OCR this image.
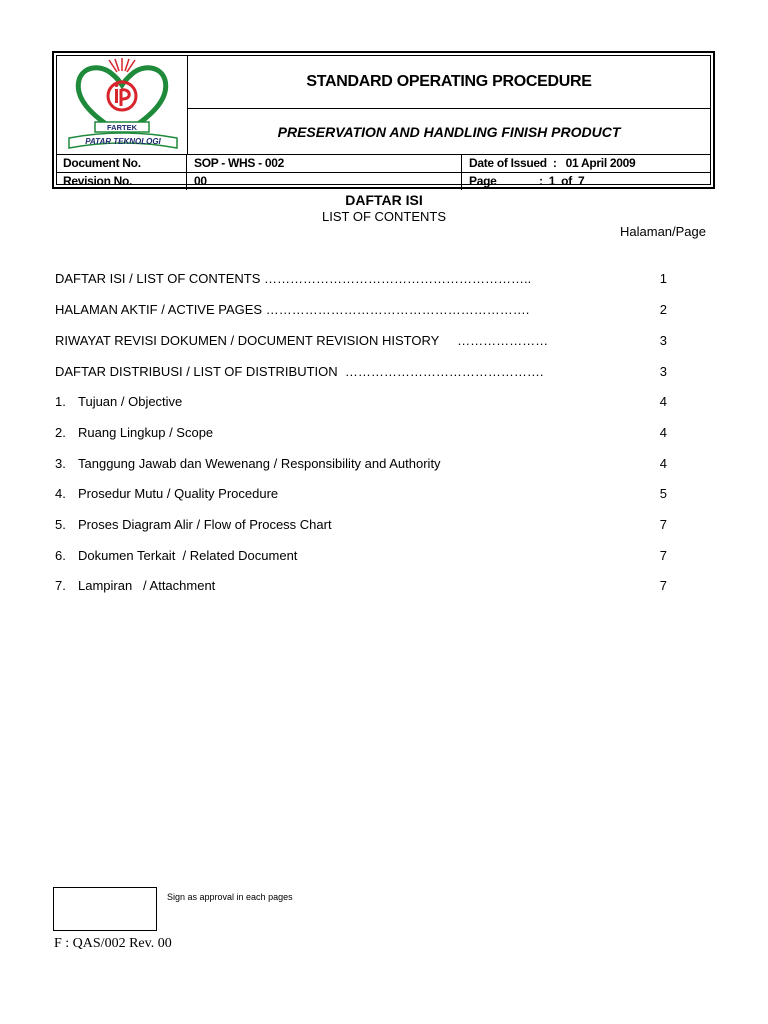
FARTEK
PATAR TEKNOLOGI
STANDARD OPERATING PROCEDURE
PRESERVATION AND HANDLING FINISH PRODUCT
Document No.	SOP - WHS - 002	Date of Issued  :   01 April 2009
Revision No.	00	Page              :  1  of  7
DAFTAR ISI
LIST OF CONTENTS
Halaman/Page
DAFTAR ISI / LIST OF CONTENTS ……………………………………………………..	1
HALAMAN AKTIF / ACTIVE PAGES …………………………………………………….	2
RIWAYAT REVISI DOKUMEN / DOCUMENT REVISION HISTORY     …………………	3
DAFTAR DISTRIBUSI / LIST OF DISTRIBUTION  ……………………………………….	3
1. Tujuan / Objective	4
2. Ruang Lingkup / Scope	4
3. Tanggung Jawab dan Wewenang / Responsibility and Authority	4
4. Prosedur Mutu / Quality Procedure	5
5. Proses Diagram Alir / Flow of Process Chart	7
6. Dokumen Terkait  / Related Document	7
7. Lampiran   / Attachment	7
Sign as approval in each pages
F : QAS/002 Rev. 00
